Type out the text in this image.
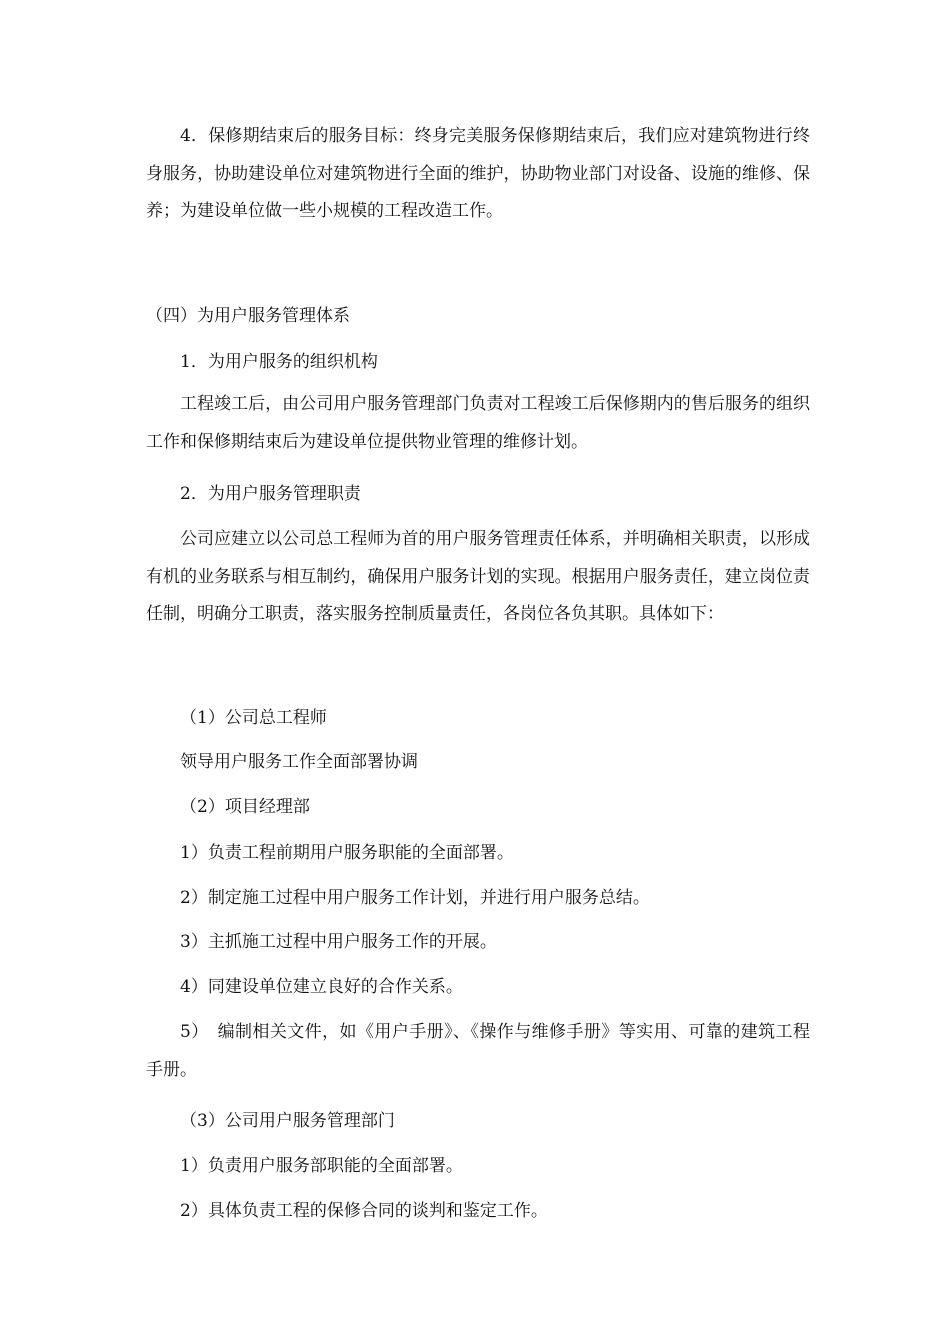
4．保修期结束后的服务目标：终身完美服务保修期结束后，我们应对建筑物进行终身服务，协助建设单位对建筑物进行全面的维护，协助物业部门对设备、设施的维修、保养；为建设单位做一些小规模的工程改造工作。

（四）为用户服务管理体系

1．为用户服务的组织机构

工程竣工后，由公司用户服务管理部门负责对工程竣工后保修期内的售后服务的组织工作和保修期结束后为建设单位提供物业管理的维修计划。

2．为用户服务管理职责

公司应建立以公司总工程师为首的用户服务管理责任体系，并明确相关职责，以形成有机的业务联系与相互制约，确保用户服务计划的实现。根据用户服务责任，建立岗位责任制，明确分工职责，落实服务控制质量责任，各岗位各负其职。具体如下：

（1）公司总工程师

领导用户服务工作全面部署协调

（2）项目经理部

1）负责工程前期用户服务职能的全面部署。

2）制定施工过程中用户服务工作计划，并进行用户服务总结。

3）主抓施工过程中用户服务工作的开展。

4）同建设单位建立良好的合作关系。

5）　编制相关文件，如《用户手册》、《操作与维修手册》等实用、可靠的建筑工程手册。

（3）公司用户服务管理部门

1）负责用户服务部职能的全面部署。

2）具体负责工程的保修合同的谈判和鉴定工作。
